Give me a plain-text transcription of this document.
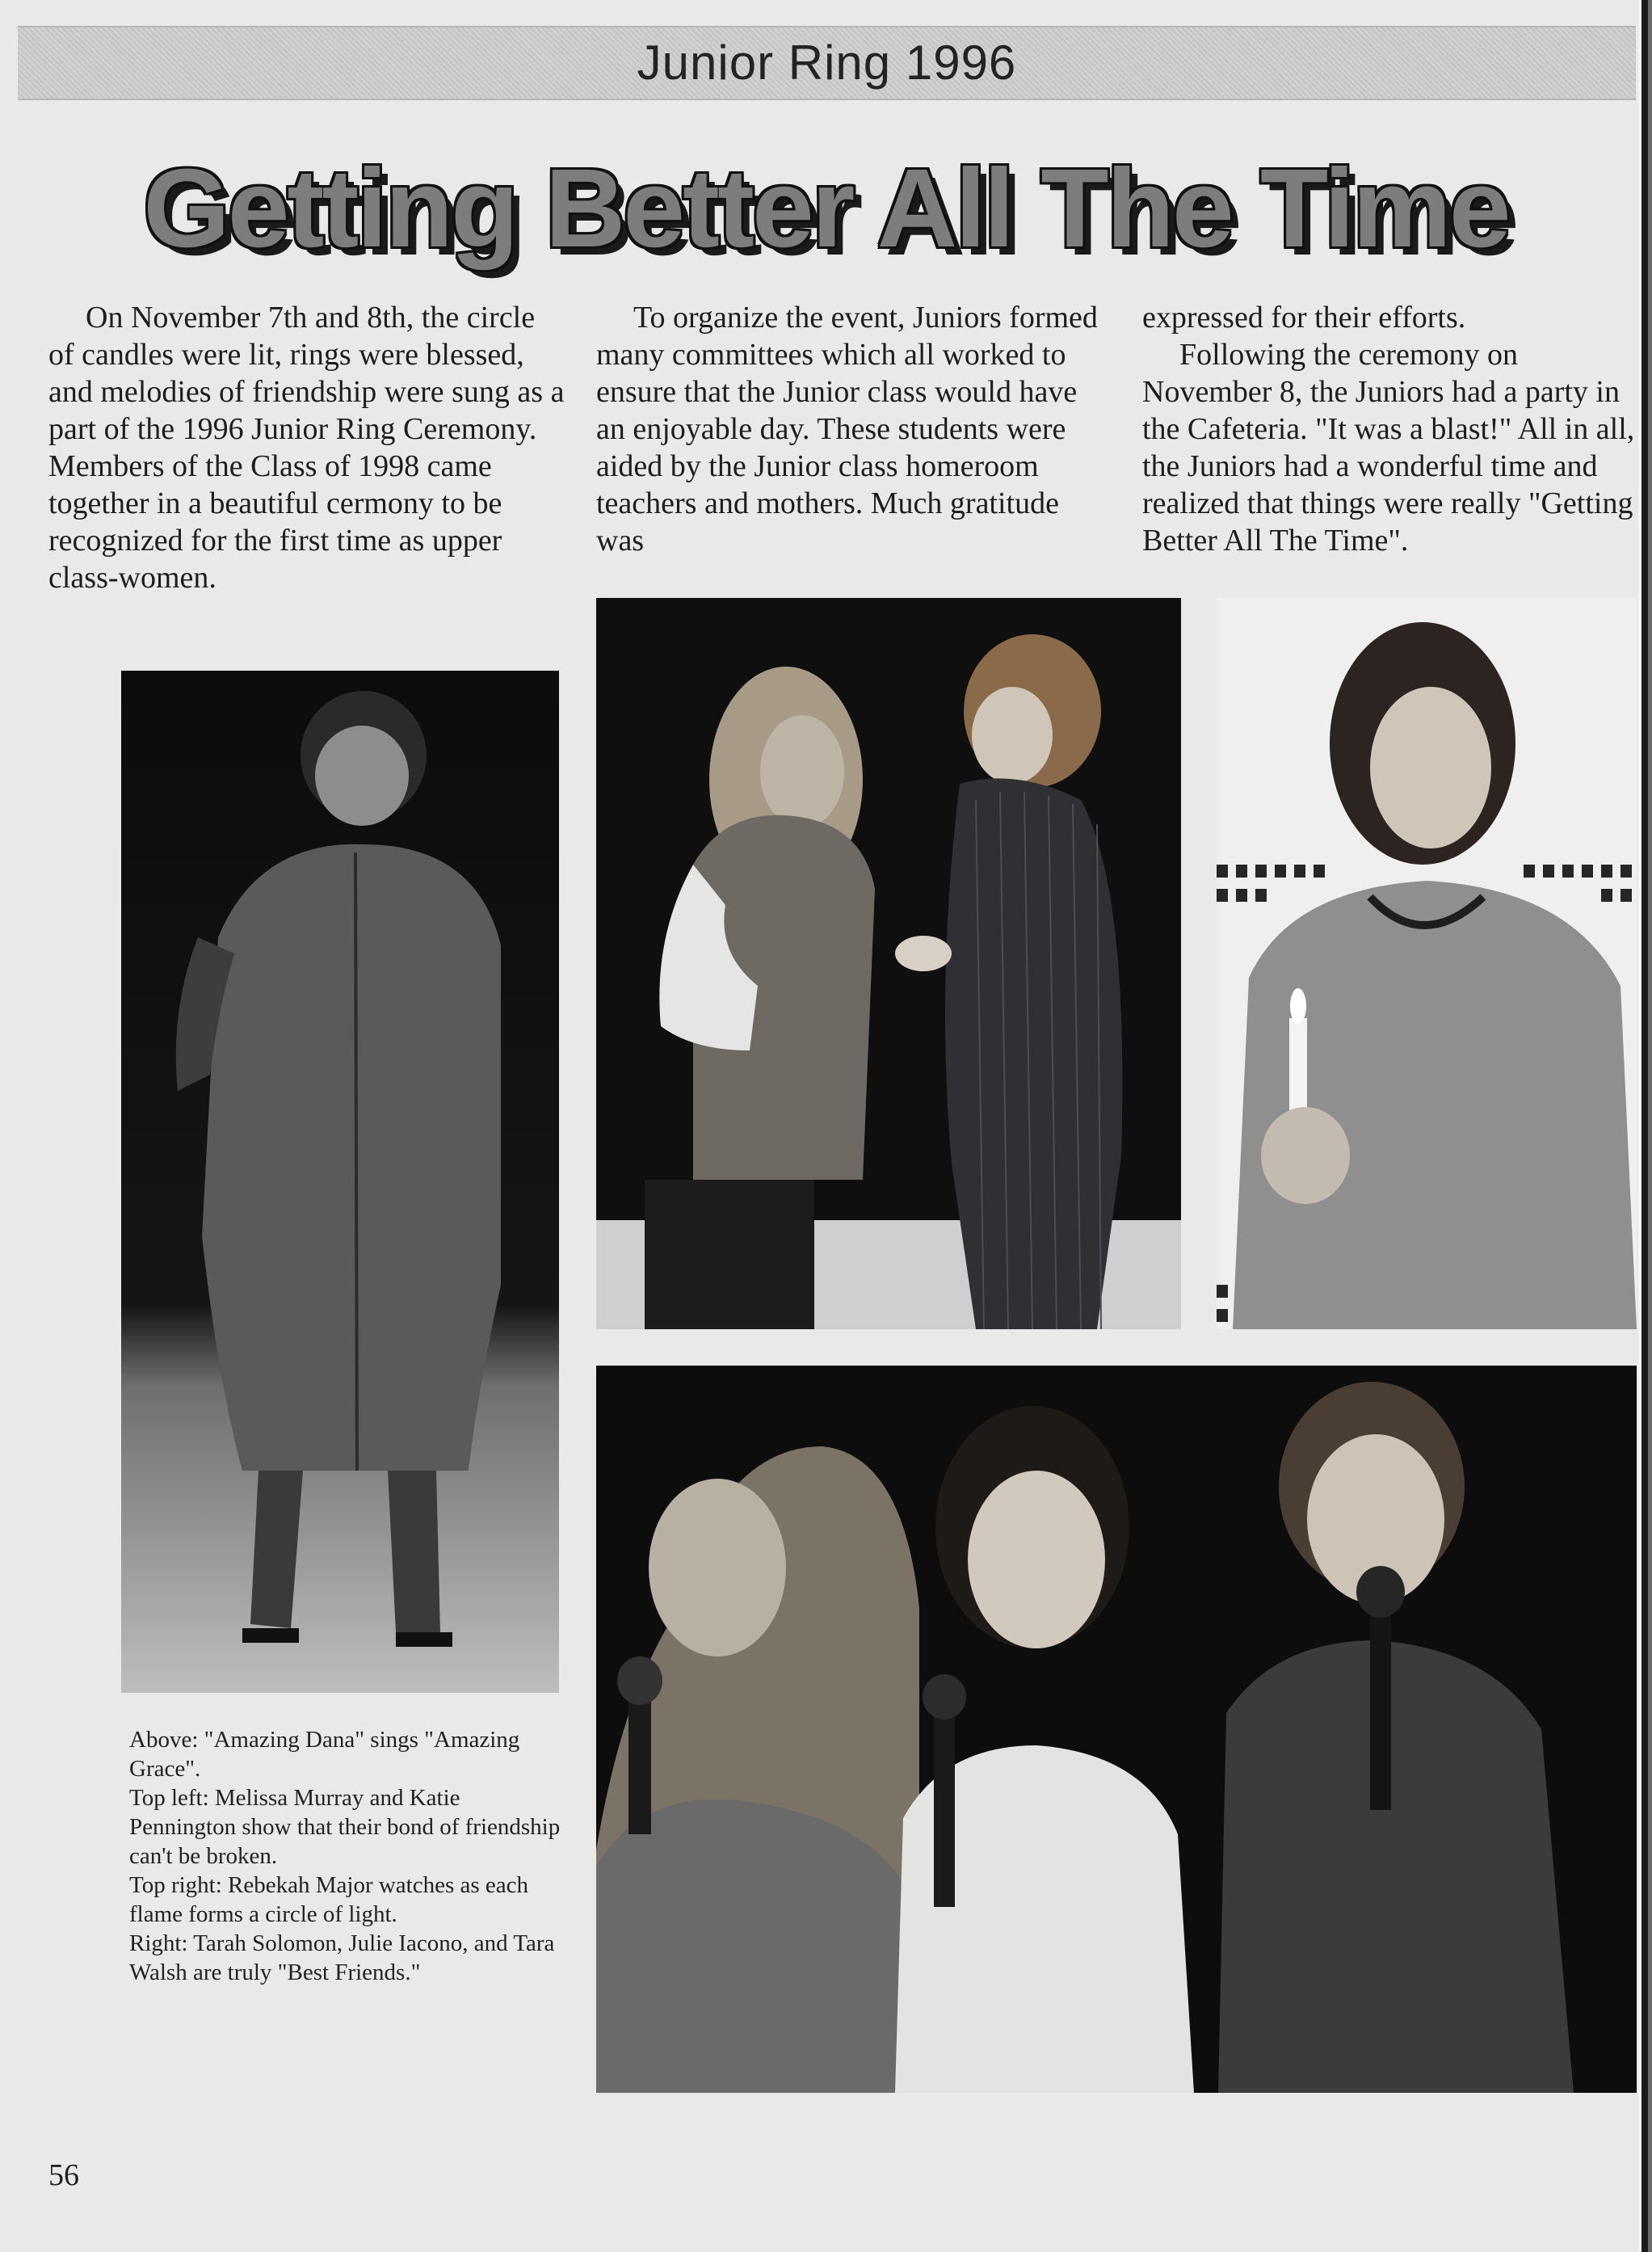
Junior Ring 1996
Getting Better All The Time

On November 7th and 8th, the circle of candles were lit, rings were blessed, and melodies of friendship were sung as a part of the 1996 Junior Ring Ceremony. Members of the Class of 1998 came together in a beautiful cermony to be recognized for the first time as upper class-women.

To organize the event, Juniors formed many committees which all worked to ensure that the Junior class would have an enjoyable day. These students were aided by the Junior class homeroom teachers and mothers. Much gratitude was

expressed for their efforts.

Following the ceremony on November 8, the Juniors had a party in the Cafeteria. "It was a blast!" All in all, the Juniors had a wonderful time and realized that things were really "Getting Better All The Time".

Above: "Amazing Dana" sings "Amazing Grace".
Top left: Melissa Murray and Katie Pennington show that their bond of friendship can't be broken.
Top right: Rebekah Major watches as each flame forms a circle of light.
Right: Tarah Solomon, Julie Iacono, and Tara Walsh are truly "Best Friends."
56
